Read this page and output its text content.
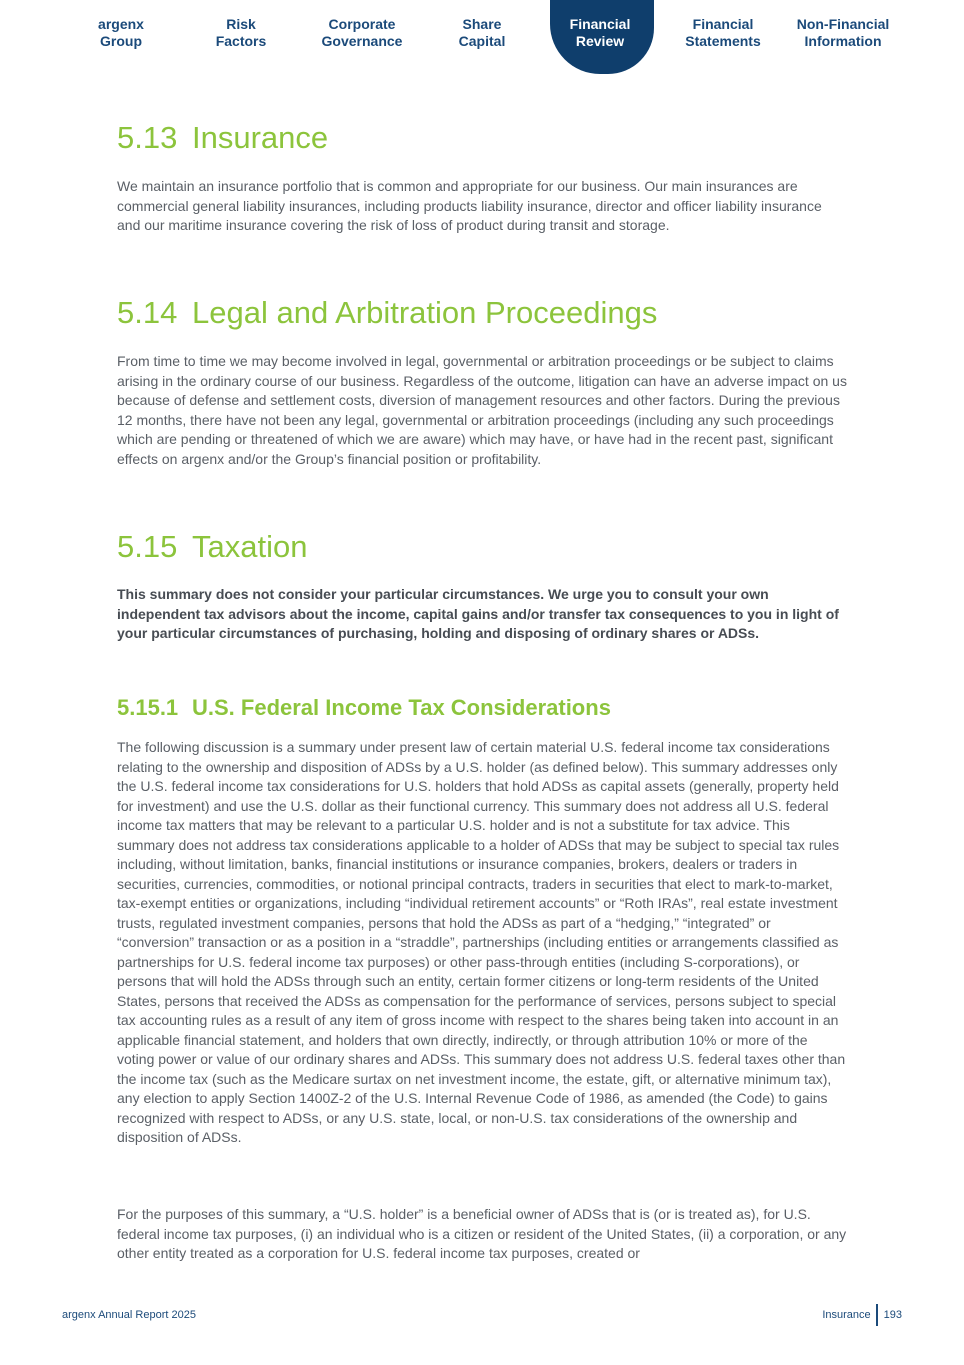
argenx
Group
Risk
Factors
Corporate
Governance
Share
Capital
Financial
Review
Financial
Statements
Non-Financial
Information
5.13 Insurance

We maintain an insurance portfolio that is common and appropriate for our business. Our main insurances are commercial general liability insurances, including products liability insurance, director and officer liability insurance and our maritime insurance covering the risk of loss of product during transit and storage.

5.14 Legal and Arbitration Proceedings

From time to time we may become involved in legal, governmental or arbitration proceedings or be subject to claims arising in the ordinary course of our business. Regardless of the outcome, litigation can have an adverse impact on us because of defense and settlement costs, diversion of management resources and other factors. During the previous 12 months, there have not been any legal, governmental or arbitration proceedings (including any such proceedings which are pending or threatened of which we are aware) which may have, or have had in the recent past, significant effects on argenx and/or the Group’s financial position or profitability.

5.15 Taxation

This summary does not consider your particular circumstances. We urge you to consult your own independent tax advisors about the income, capital gains and/or transfer tax consequences to you in light of your particular circumstances of purchasing, holding and disposing of ordinary shares or ADSs.

5.15.1 U.S. Federal Income Tax Considerations

The following discussion is a summary under present law of certain material U.S. federal income tax considerations relating to the ownership and disposition of ADSs by a U.S. holder (as defined below). This summary addresses only the U.S. federal income tax considerations for U.S. holders that hold ADSs as capital assets (generally, property held for investment) and use the U.S. dollar as their functional currency. This summary does not address all U.S. federal income tax matters that may be relevant to a particular U.S. holder and is not a substitute for tax advice. This summary does not address tax considerations applicable to a holder of ADSs that may be subject to special tax rules including, without limitation, banks, financial institutions or insurance companies, brokers, dealers or traders in securities, currencies, commodities, or notional principal contracts, traders in securities that elect to mark-to-market, tax-exempt entities or organizations, including “individual retirement accounts” or “Roth IRAs”, real estate investment trusts, regulated investment companies, persons that hold the ADSs as part of a “hedging,” “integrated” or “conversion” transaction or as a position in a “straddle”, partnerships (including entities or arrangements classified as partnerships for U.S. federal income tax purposes) or other pass-through entities (including S-corporations), or persons that will hold the ADSs through such an entity, certain former citizens or long-term residents of the United States, persons that received the ADSs as compensation for the performance of services, persons subject to special tax accounting rules as a result of any item of gross income with respect to the shares being taken into account in an applicable financial statement, and holders that own directly, indirectly, or through attribution 10% or more of the voting power or value of our ordinary shares and ADSs. This summary does not address U.S. federal taxes other than the income tax (such as the Medicare surtax on net investment income, the estate, gift, or alternative minimum tax), any election to apply Section 1400Z-2 of the U.S. Internal Revenue Code of 1986, as amended (the Code) to gains recognized with respect to ADSs, or any U.S. state, local, or non-U.S. tax considerations of the ownership and disposition of ADSs.

For the purposes of this summary, a “U.S. holder” is a beneficial owner of ADSs that is (or is treated as), for U.S. federal income tax purposes, (i) an individual who is a citizen or resident of the United States, (ii) a corporation, or any other entity treated as a corporation for U.S. federal income tax purposes, created or

argenx Annual Report 2025	Insurance 193
